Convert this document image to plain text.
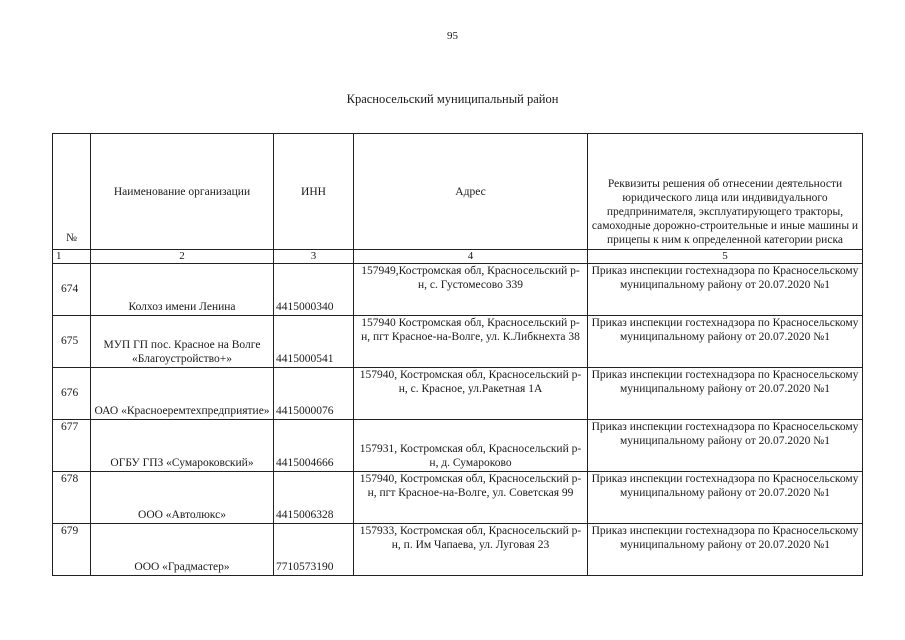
95
Красносельский муниципальный район
№	Наименование организации	ИНН	Адрес	Реквизиты решения об отнесении деятельности юридического лица или индивидуального предпринимателя, эксплуатирующего тракторы, самоходные дорожно-строительные и иные машины и прицепы к ним к определенной категории риска
1	2	3	4	5
674	Колхоз имени Ленина	4415000340	157949,Костромская обл, Красносельский р-н, с. Густомесово 339	Приказ инспекции гостехнадзора по Красносельскому муниципальному району от 20.07.2020 №1
675	МУП ГП пос. Красное на Волге «Благоустройство+»	4415000541	157940 Костромская обл, Красносельский р-н, пгт Красное-на-Волге, ул. К.Либкнехта 38	Приказ инспекции гостехнадзора по Красносельскому муниципальному району от 20.07.2020 №1
676	ОАО «Красноеремтехпредприятие»	4415000076	157940, Костромская обл, Красносельский р-н, с. Красное, ул.Ракетная 1А	Приказ инспекции гостехнадзора по Красносельскому муниципальному району от 20.07.2020 №1
677	ОГБУ ГПЗ «Сумароковский»	4415004666	157931, Костромская обл, Красносельский р-н, д. Сумароково	Приказ инспекции гостехнадзора по Красносельскому муниципальному району от 20.07.2020 №1
678	ООО «Автолюкс»	4415006328	157940, Костромская обл, Красносельский р-н, пгт Красное-на-Волге, ул. Советская 99	Приказ инспекции гостехнадзора по Красносельскому муниципальному району от 20.07.2020 №1
679	ООО «Градмастер»	7710573190	157933, Костромская обл, Красносельский р-н, п. Им Чапаева, ул. Луговая 23	Приказ инспекции гостехнадзора по Красносельскому муниципальному району от 20.07.2020 №1
